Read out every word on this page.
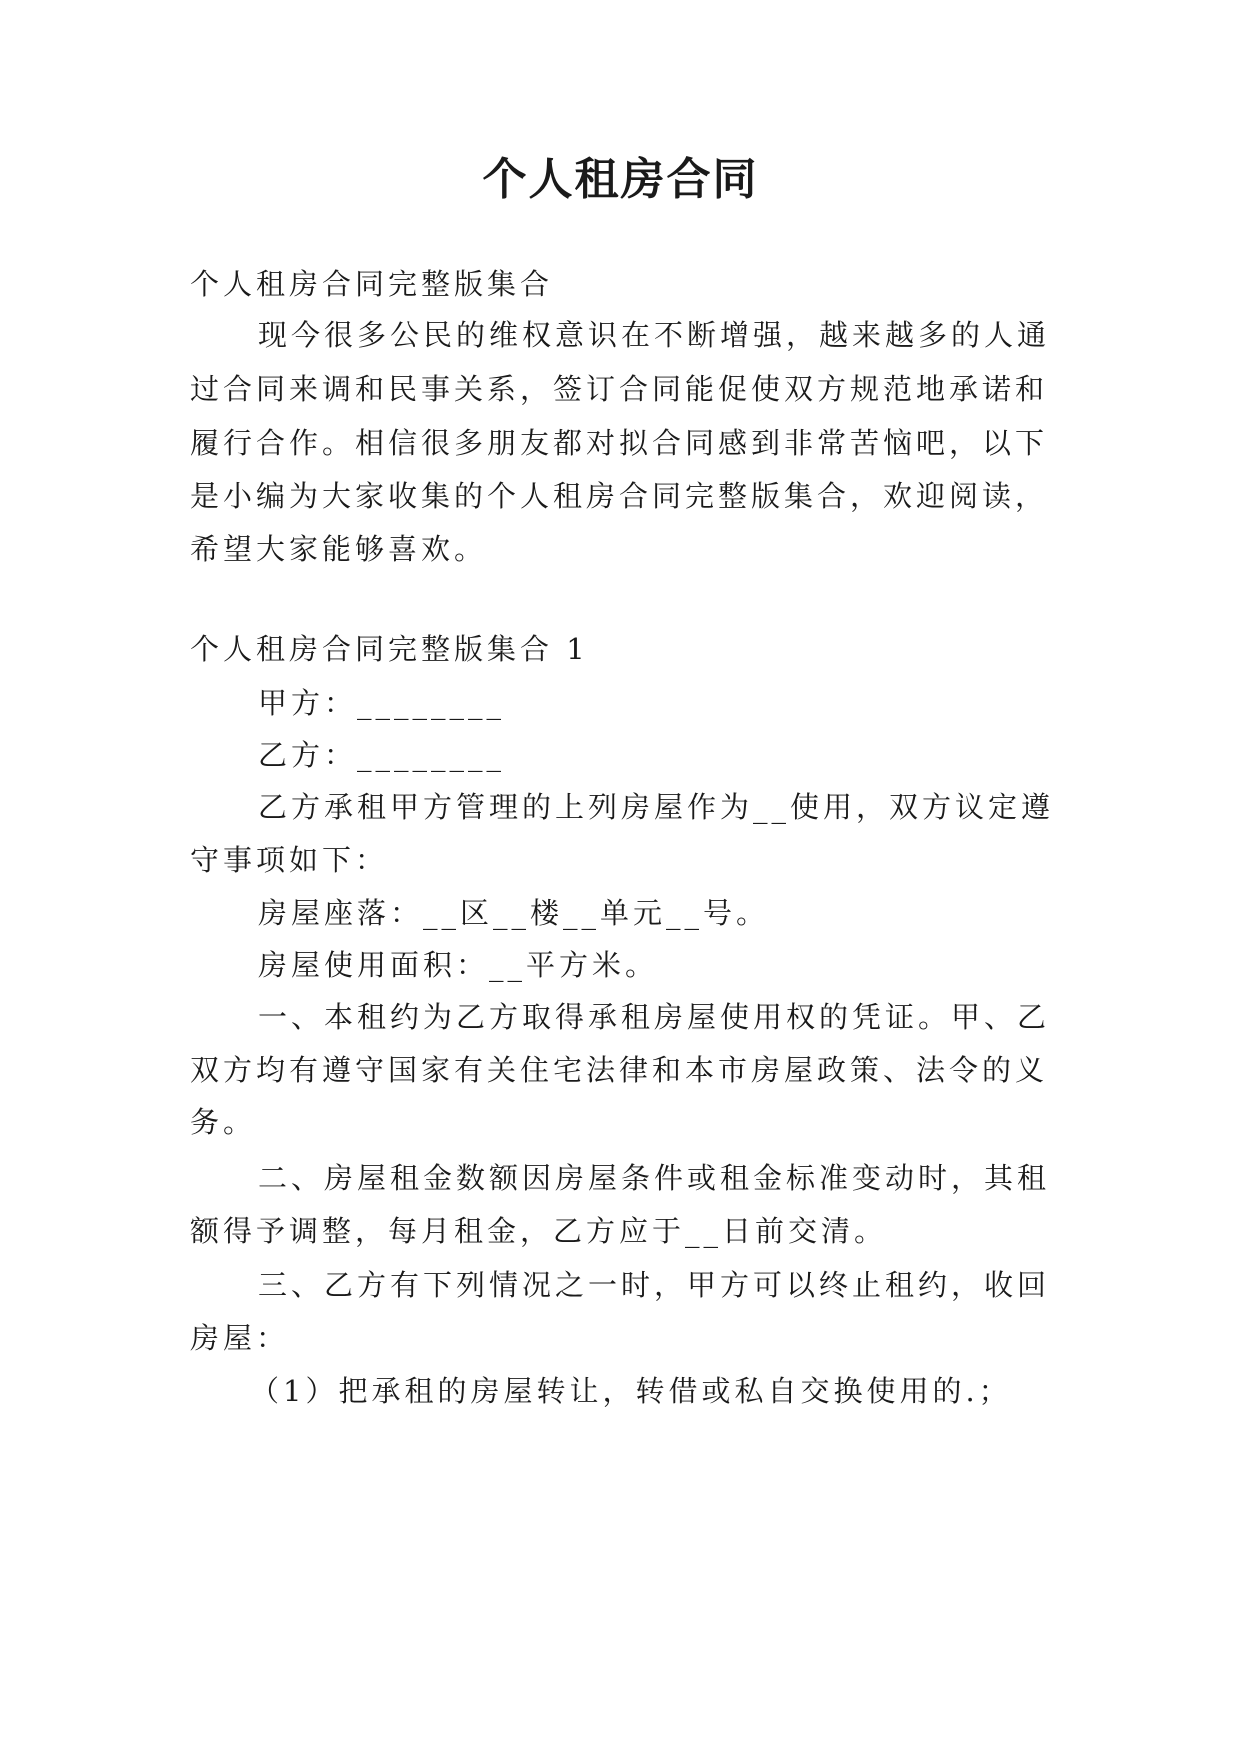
个人租房合同
个人租房合同完整版集合
现今很多公民的维权意识在不断增强，越来越多的人通
过合同来调和民事关系，签订合同能促使双方规范地承诺和
履行合作。相信很多朋友都对拟合同感到非常苦恼吧，以下
是小编为大家收集的个人租房合同完整版集合，欢迎阅读，
希望大家能够喜欢。
个人租房合同完整版集合 1
甲方：________
乙方：________
乙方承租甲方管理的上列房屋作为__使用，双方议定遵
守事项如下：
房屋座落：__区__楼__单元__号。
房屋使用面积：__平方米。
一、本租约为乙方取得承租房屋使用权的凭证。甲、乙
双方均有遵守国家有关住宅法律和本市房屋政策、法令的义
务。
二、房屋租金数额因房屋条件或租金标准变动时，其租
额得予调整，每月租金，乙方应于__日前交清。
三、乙方有下列情况之一时，甲方可以终止租约，收回
房屋：
（1）把承租的房屋转让，转借或私自交换使用的.；
